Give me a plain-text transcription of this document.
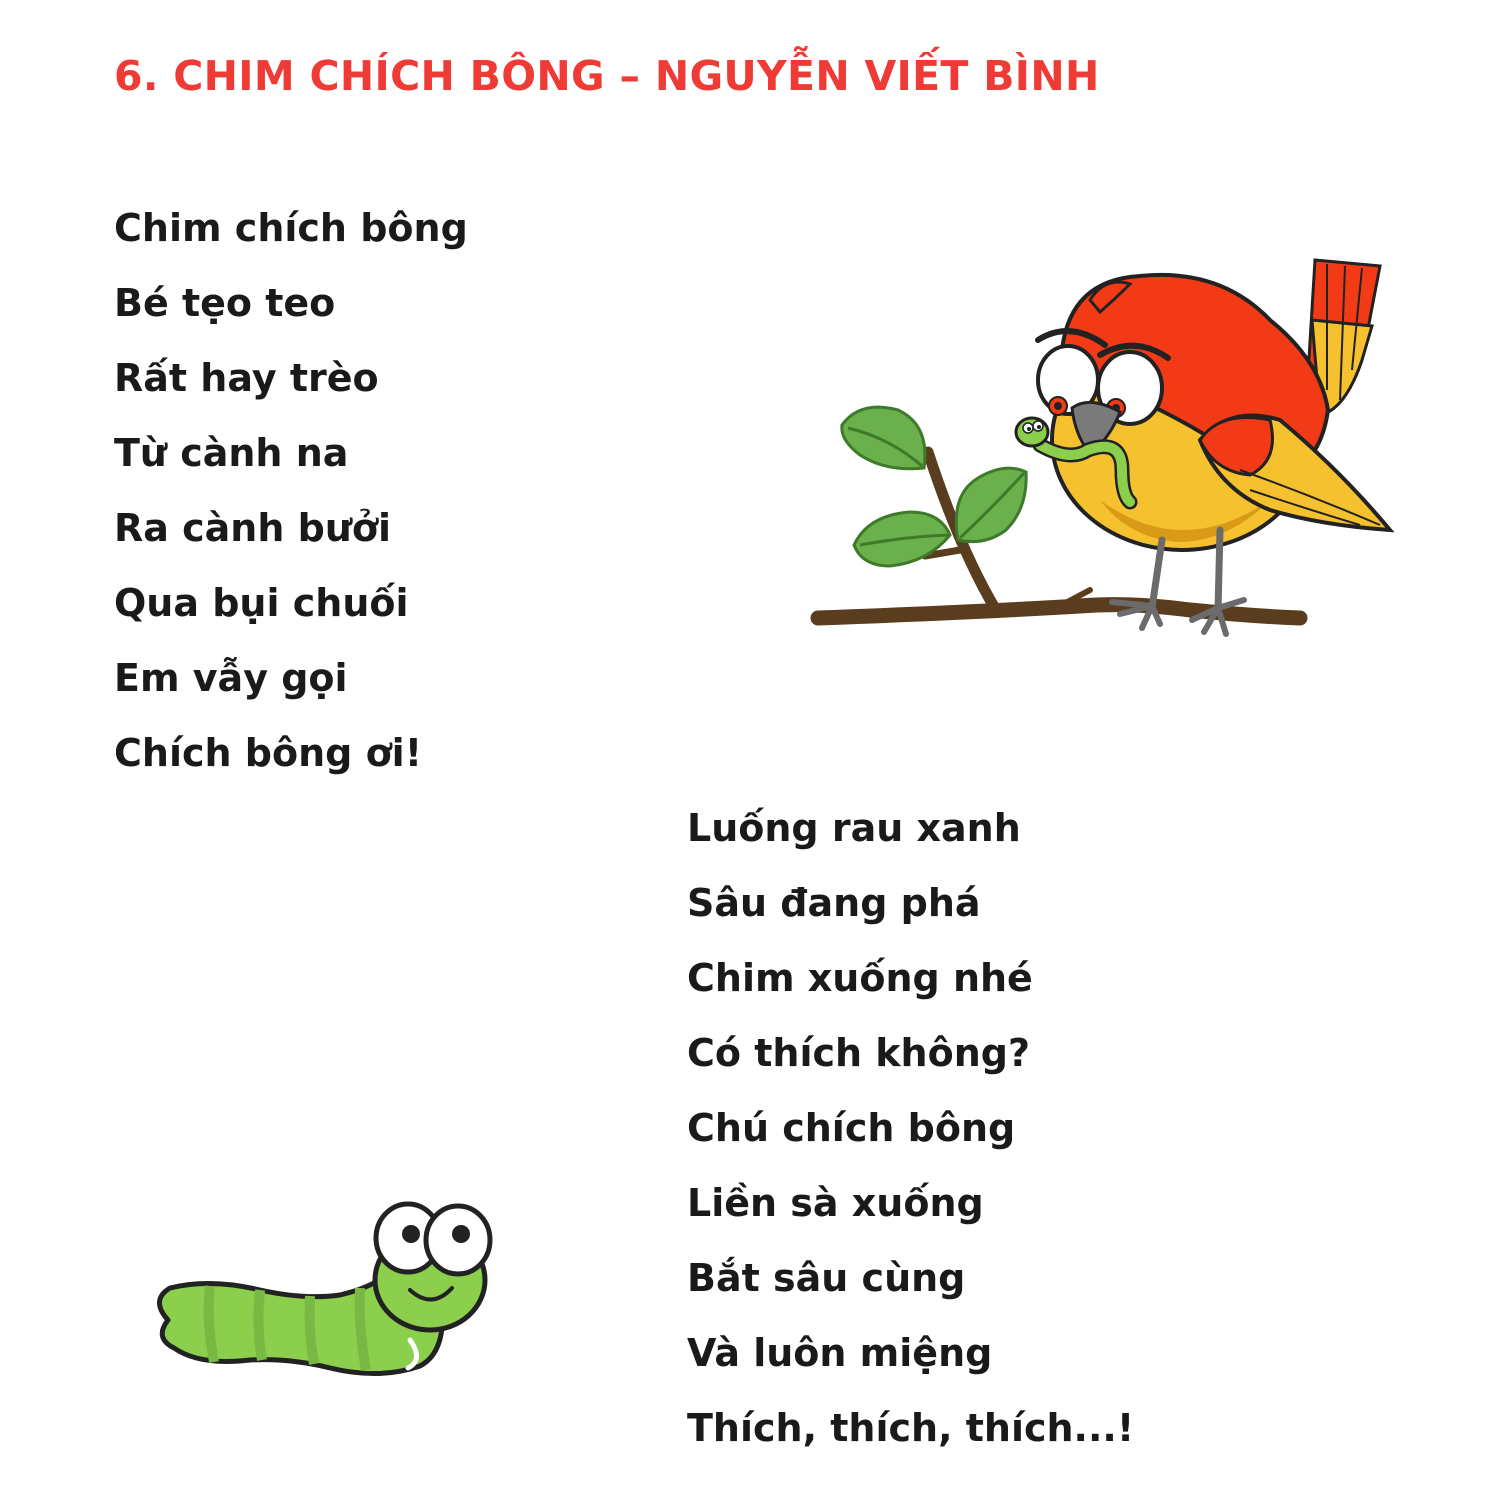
6. CHIM CHÍCH BÔNG – NGUYỄN VIẾT BÌNH
Chim chích bông
Bé tẹo teo
Rất hay trèo
Từ cành na
Ra cành bưởi
Qua bụi chuối
Em vẫy gọi
Chích bông ơi!
Luống rau xanh
Sâu đang phá
Chim xuống nhé
Có thích không?
Chú chích bông
Liền sà xuống
Bắt sâu cùng
Và luôn miệng
Thích, thích, thích...!
